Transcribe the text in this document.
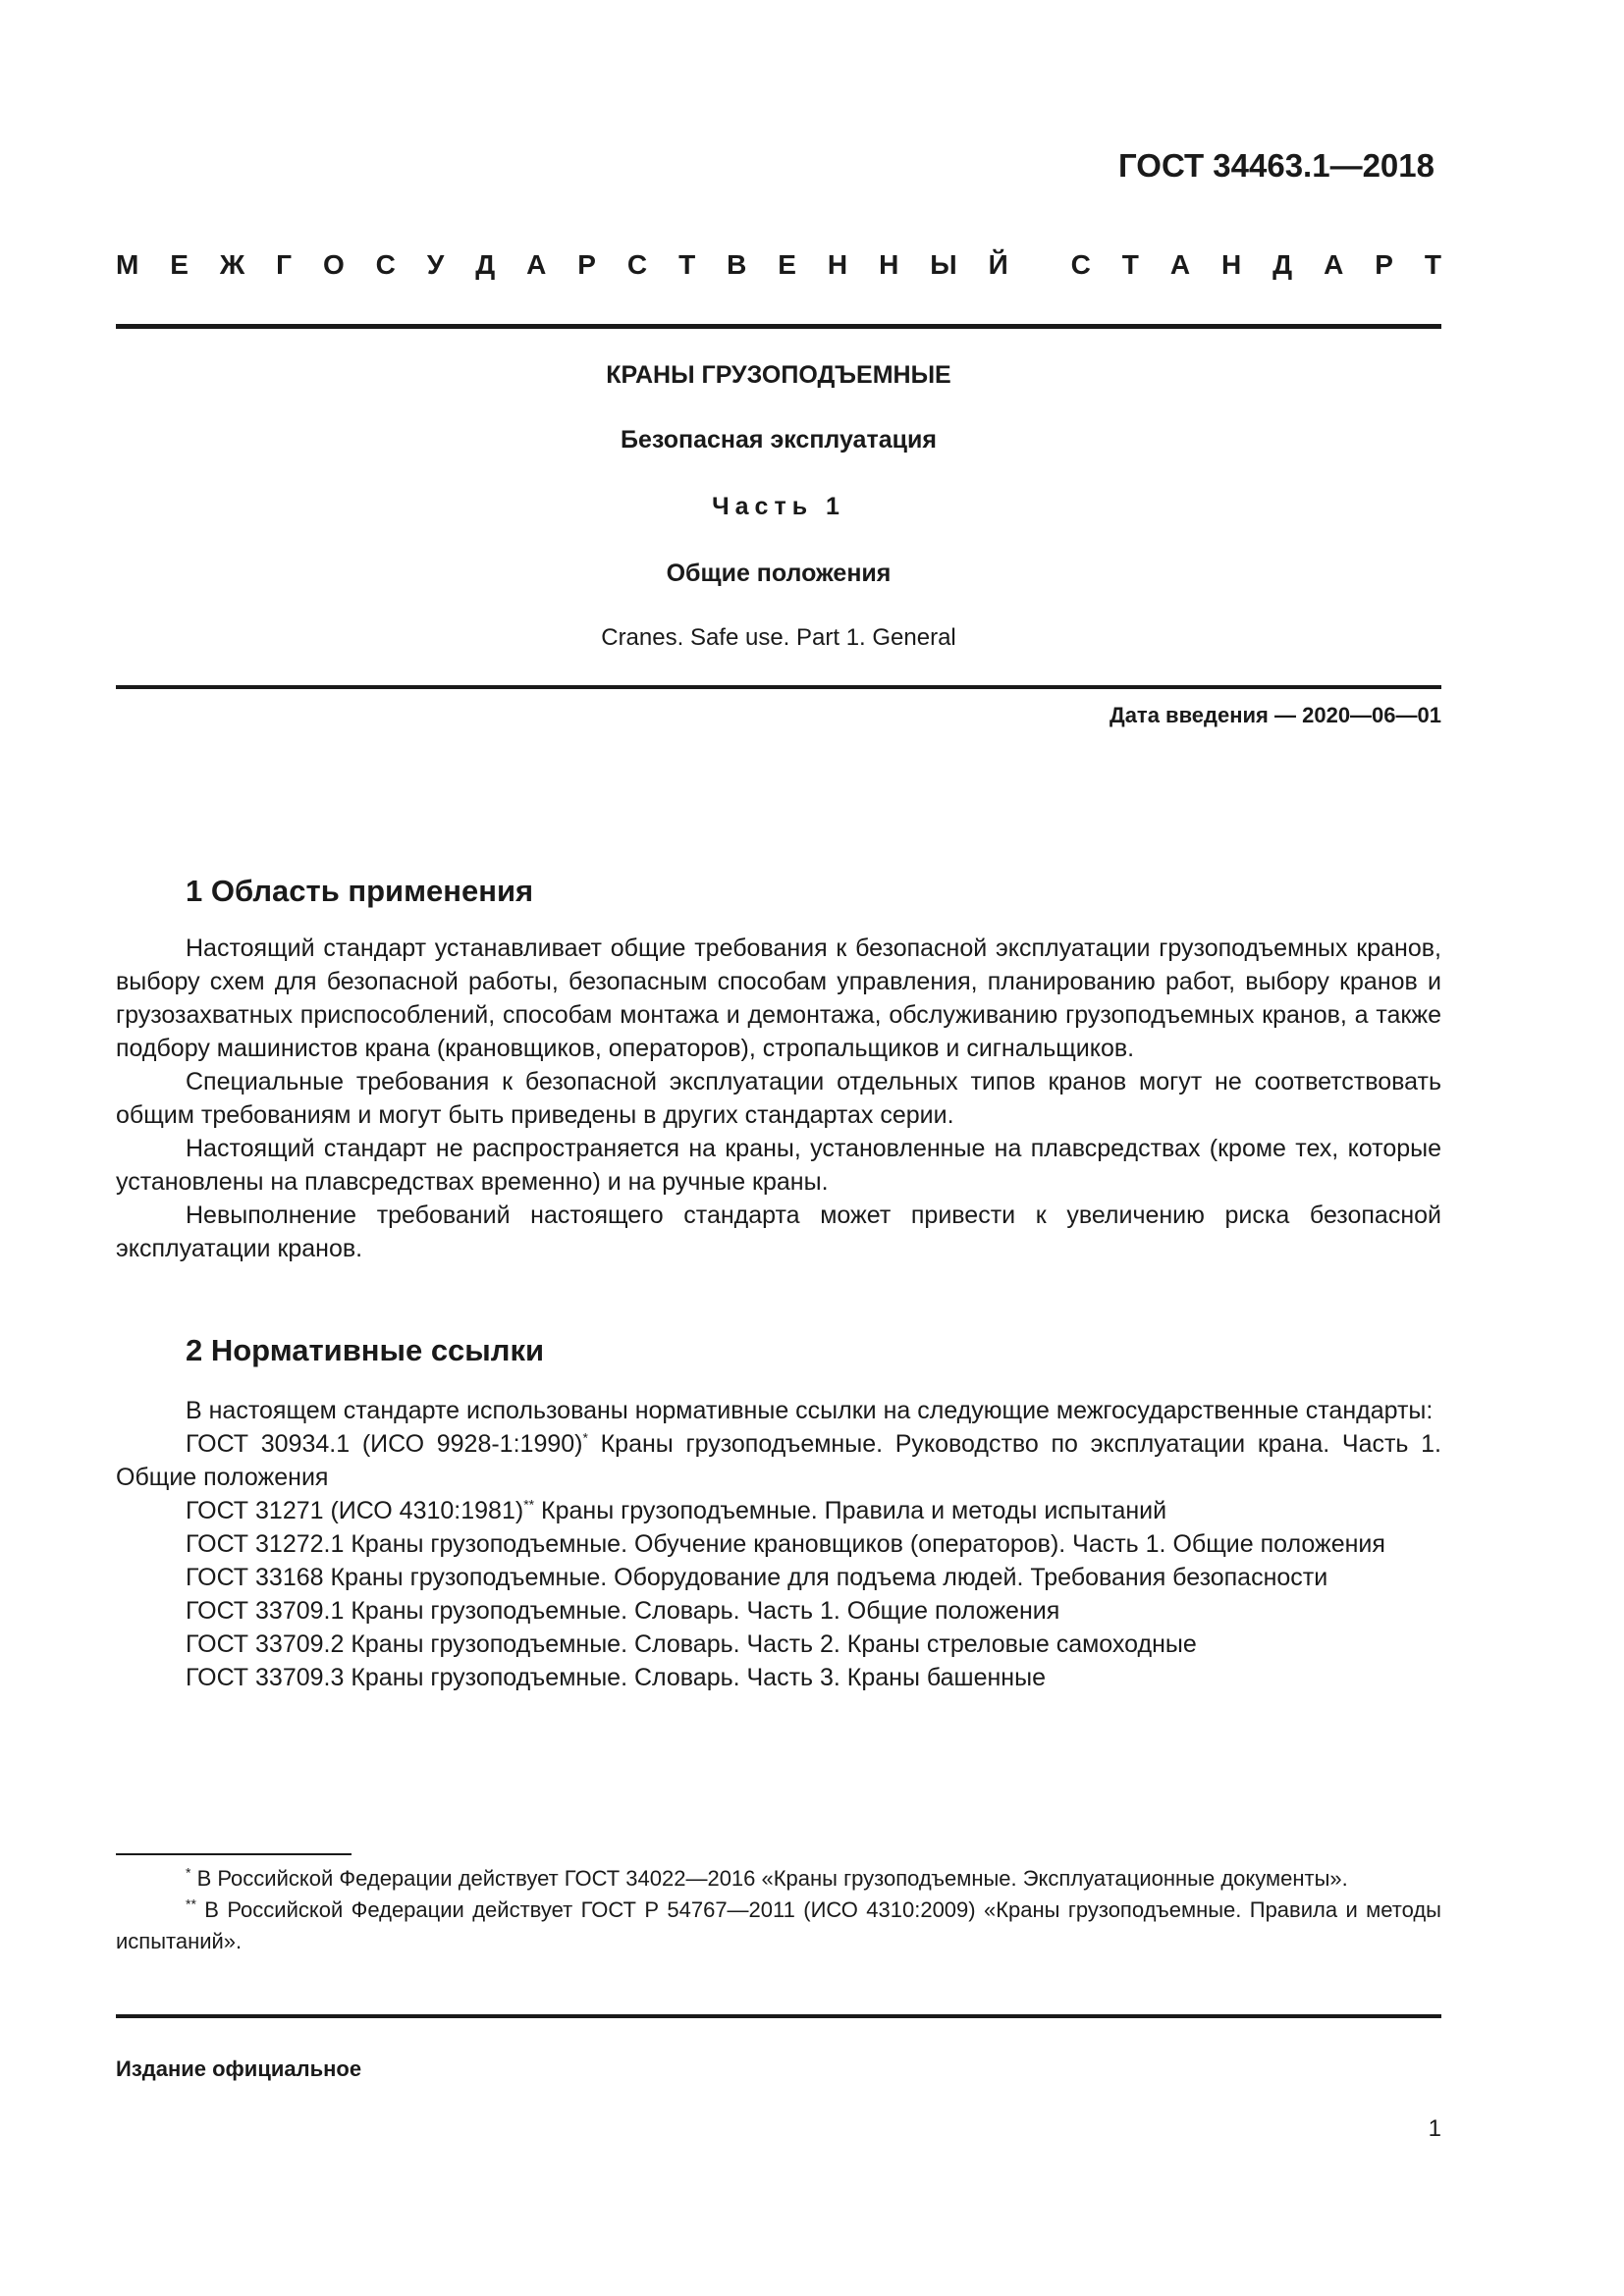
ГОСТ 34463.1—2018
М Е Ж Г О С У Д А Р С Т В Е Н Н Ы Й С Т А Н Д А Р Т
КРАНЫ ГРУЗОПОДЪЕМНЫЕ
Безопасная эксплуатация
Часть 1
Общие положения
Cranes. Safe use. Part 1. General
Дата введения — 2020—06—01
1 Область применения

Настоящий стандарт устанавливает общие требования к безопасной эксплуатации грузоподъемных кранов, выбору схем для безопасной работы, безопасным способам управления, планированию работ, выбору кранов и грузозахватных приспособлений, способам монтажа и демонтажа, обслуживанию грузоподъемных кранов, а также подбору машинистов крана (крановщиков, операторов), стропальщиков и сигнальщиков.

Специальные требования к безопасной эксплуатации отдельных типов кранов могут не соответствовать общим требованиям и могут быть приведены в других стандартах серии.

Настоящий стандарт не распространяется на краны, установленные на плавсредствах (кроме тех, которые установлены на плавсредствах временно) и на ручные краны.

Невыполнение требований настоящего стандарта может привести к увеличению риска безопасной эксплуатации кранов.

2 Нормативные ссылки

В настоящем стандарте использованы нормативные ссылки на следующие межгосударственные стандарты:

ГОСТ 30934.1 (ИСО 9928-1:1990)* Краны грузоподъемные. Руководство по эксплуатации крана. Часть 1. Общие положения

ГОСТ 31271 (ИСО 4310:1981)** Краны грузоподъемные. Правила и методы испытаний

ГОСТ 31272.1 Краны грузоподъемные. Обучение крановщиков (операторов). Часть 1. Общие положения

ГОСТ 33168 Краны грузоподъемные. Оборудование для подъема людей. Требования безопасности

ГОСТ 33709.1 Краны грузоподъемные. Словарь. Часть 1. Общие положения

ГОСТ 33709.2 Краны грузоподъемные. Словарь. Часть 2. Краны стреловые самоходные

ГОСТ 33709.3 Краны грузоподъемные. Словарь. Часть 3. Краны башенные

* В Российской Федерации действует ГОСТ 34022—2016 «Краны грузоподъемные. Эксплуатационные документы».

** В Российской Федерации действует ГОСТ Р 54767—2011 (ИСО 4310:2009) «Краны грузоподъемные. Правила и методы испытаний».

Издание официальное
1
